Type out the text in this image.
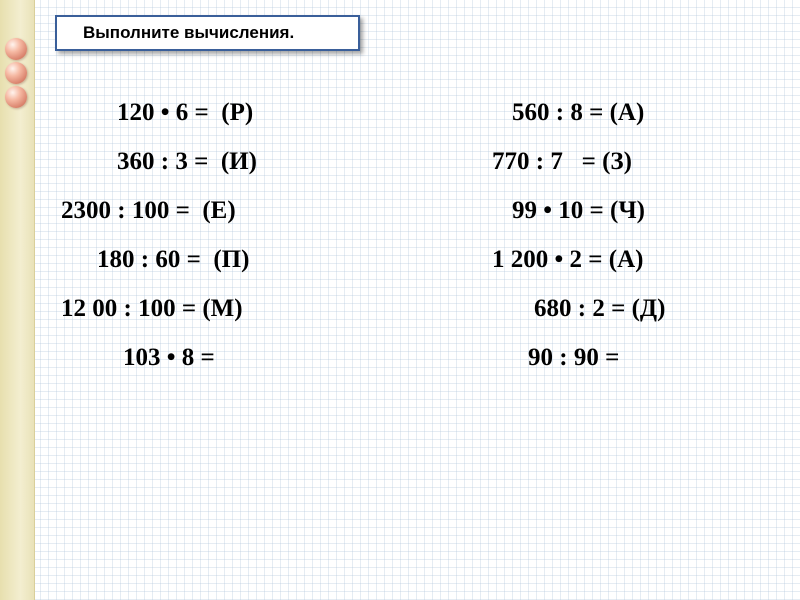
Выполните вычисления.
120 • 6 =  (Р)
360 : 3 =  (И)
2300 : 100 =  (Е)
180 : 60 =  (П)
12 00 : 100 = (М)
103 • 8 =
560 : 8 = (А)
770 : 7   = (З)
99 • 10 = (Ч)
1 200 • 2 = (А)
680 : 2 = (Д)
90 : 90 =
